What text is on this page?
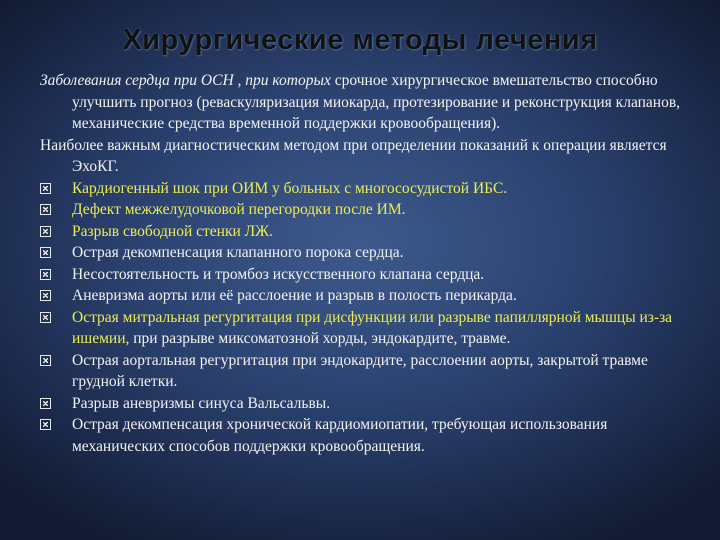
Хирургические методы лечения

Заболевания сердца при ОСН , при которых срочное хирургическое вмешательство способно улучшить прогноз (реваскуляризация миокарда, протезирование и реконструкция клапанов, механические средства временной поддержки кровообращения).

Наиболее важным диагностическим методом при определении показаний к операции является ЭхоКГ.

Кардиогенный шок при ОИМ у больных с многососудистой ИБС.
Дефект межжелудочковой перегородки после ИМ.
Разрыв свободной стенки ЛЖ.
Острая декомпенсация клапанного порока сердца.
Несостоятельность и тромбоз искусственного клапана сердца.
Аневризма аорты или её расслоение и разрыв в полость перикарда.
Острая митральная регургитация при дисфункции или разрыве папиллярной мышцы из-за ишемии, при разрыве миксоматозной хорды, эндокардите, травме.
Острая аортальная регургитация при эндокардите, расслоении аорты, закрытой травме грудной клетки.
Разрыв аневризмы синуса Вальсальвы.
Острая декомпенсация хронической кардиомиопатии, требующая использования механических способов поддержки кровообращения.
